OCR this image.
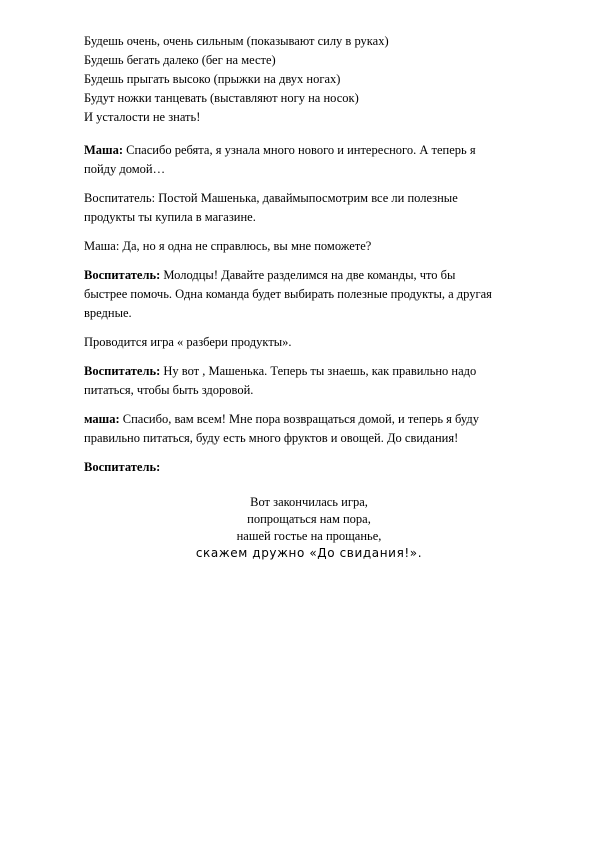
Будешь очень, очень сильным (показывают силу в руках)
Будешь бегать далеко (бег на месте)
Будешь прыгать высоко (прыжки на двух ногах)
Будут ножки танцевать (выставляют ногу на носок)
И усталости не знать!

Маша: Спасибо ребята, я узнала много нового и интересного. А теперь я
пойду домой…

Воспитатель: Постой Машенька, даваймыпосмотрим все ли полезные
продукты ты купила в магазине.

Маша: Да, но я одна не справлюсь, вы мне поможете?

Воспитатель: Молодцы! Давайте разделимся на две команды, что бы
быстрее помочь. Одна команда будет выбирать полезные продукты, а другая
вредные.

Проводится игра « разбери продукты».

Воспитатель: Ну вот , Машенька. Теперь ты знаешь, как правильно надо
питаться, чтобы быть здоровой.

маша: Спасибо, вам всем! Мне пора возвращаться домой, и теперь я буду
правильно питаться, буду есть много фруктов и овощей. До свидания!

Воспитатель:

Вот закончилась игра,
попрощаться нам пора,
нашей гостье на прощанье,
скажем дружно «До свидания!».
